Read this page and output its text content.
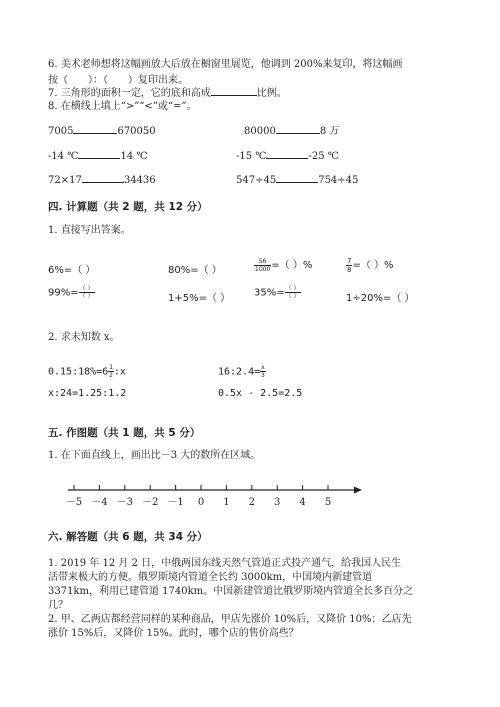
6. 美术老师想将这幅画放大后放在橱窗里展览，他调到 200%来复印，将这幅画
按（　　）：（　　）复印出来。
7. 三角形的面积一定，它的底和高成	比例。
8. 在横线上填上“>”“<”或“=”。
7005	670050	80000	8 万
-14 ℃	14 ℃	-15 ℃	-25 ℃
72×17	34436	547÷45	754÷45
四. 计算题（共 2 题，共 12 分）
1. 直接写出答案。
6%=（ ）	80%=（ ）	$\frac{56}{1000}$ =（ ）%	$\frac{7}{8}$ =（ ）%
$99\%= \frac{( )}{( )}$	1+5%=（ ） $35\%= \frac{( )}{( )}$	1÷20%=（ ）
2. 求未知数 x。
0.15:18%=6 $\frac{1}{2}$ :x	16:2.4= $\frac{x}{3}$
x:24=1.25:1.2	0.5x - 2.5=2.5
五. 作图题（共 1 题，共 5 分）
1. 在下面直线上，画出比－3 大的数所在区域。
－5 －4 －3 －2 －1 0 1 2 3 4 5
六. 解答题（共 6 题，共 34 分）
1. 2019 年 12 月 2 日，中俄两国东线天然气管道正式投产通气，给我国人民生
活带来极大的方便。俄罗斯境内管道全长约 3000km，中国境内新建管道
3371km，利用已建管道 1740km。中国新建管道比俄罗斯境内管道全长多百分之
几？
2. 甲、乙两店都经营同样的某种商品，甲店先涨价 10%后，又降价 10%；乙店先
涨价 15%后，又降价 15%。此时，哪个店的售价高些？
